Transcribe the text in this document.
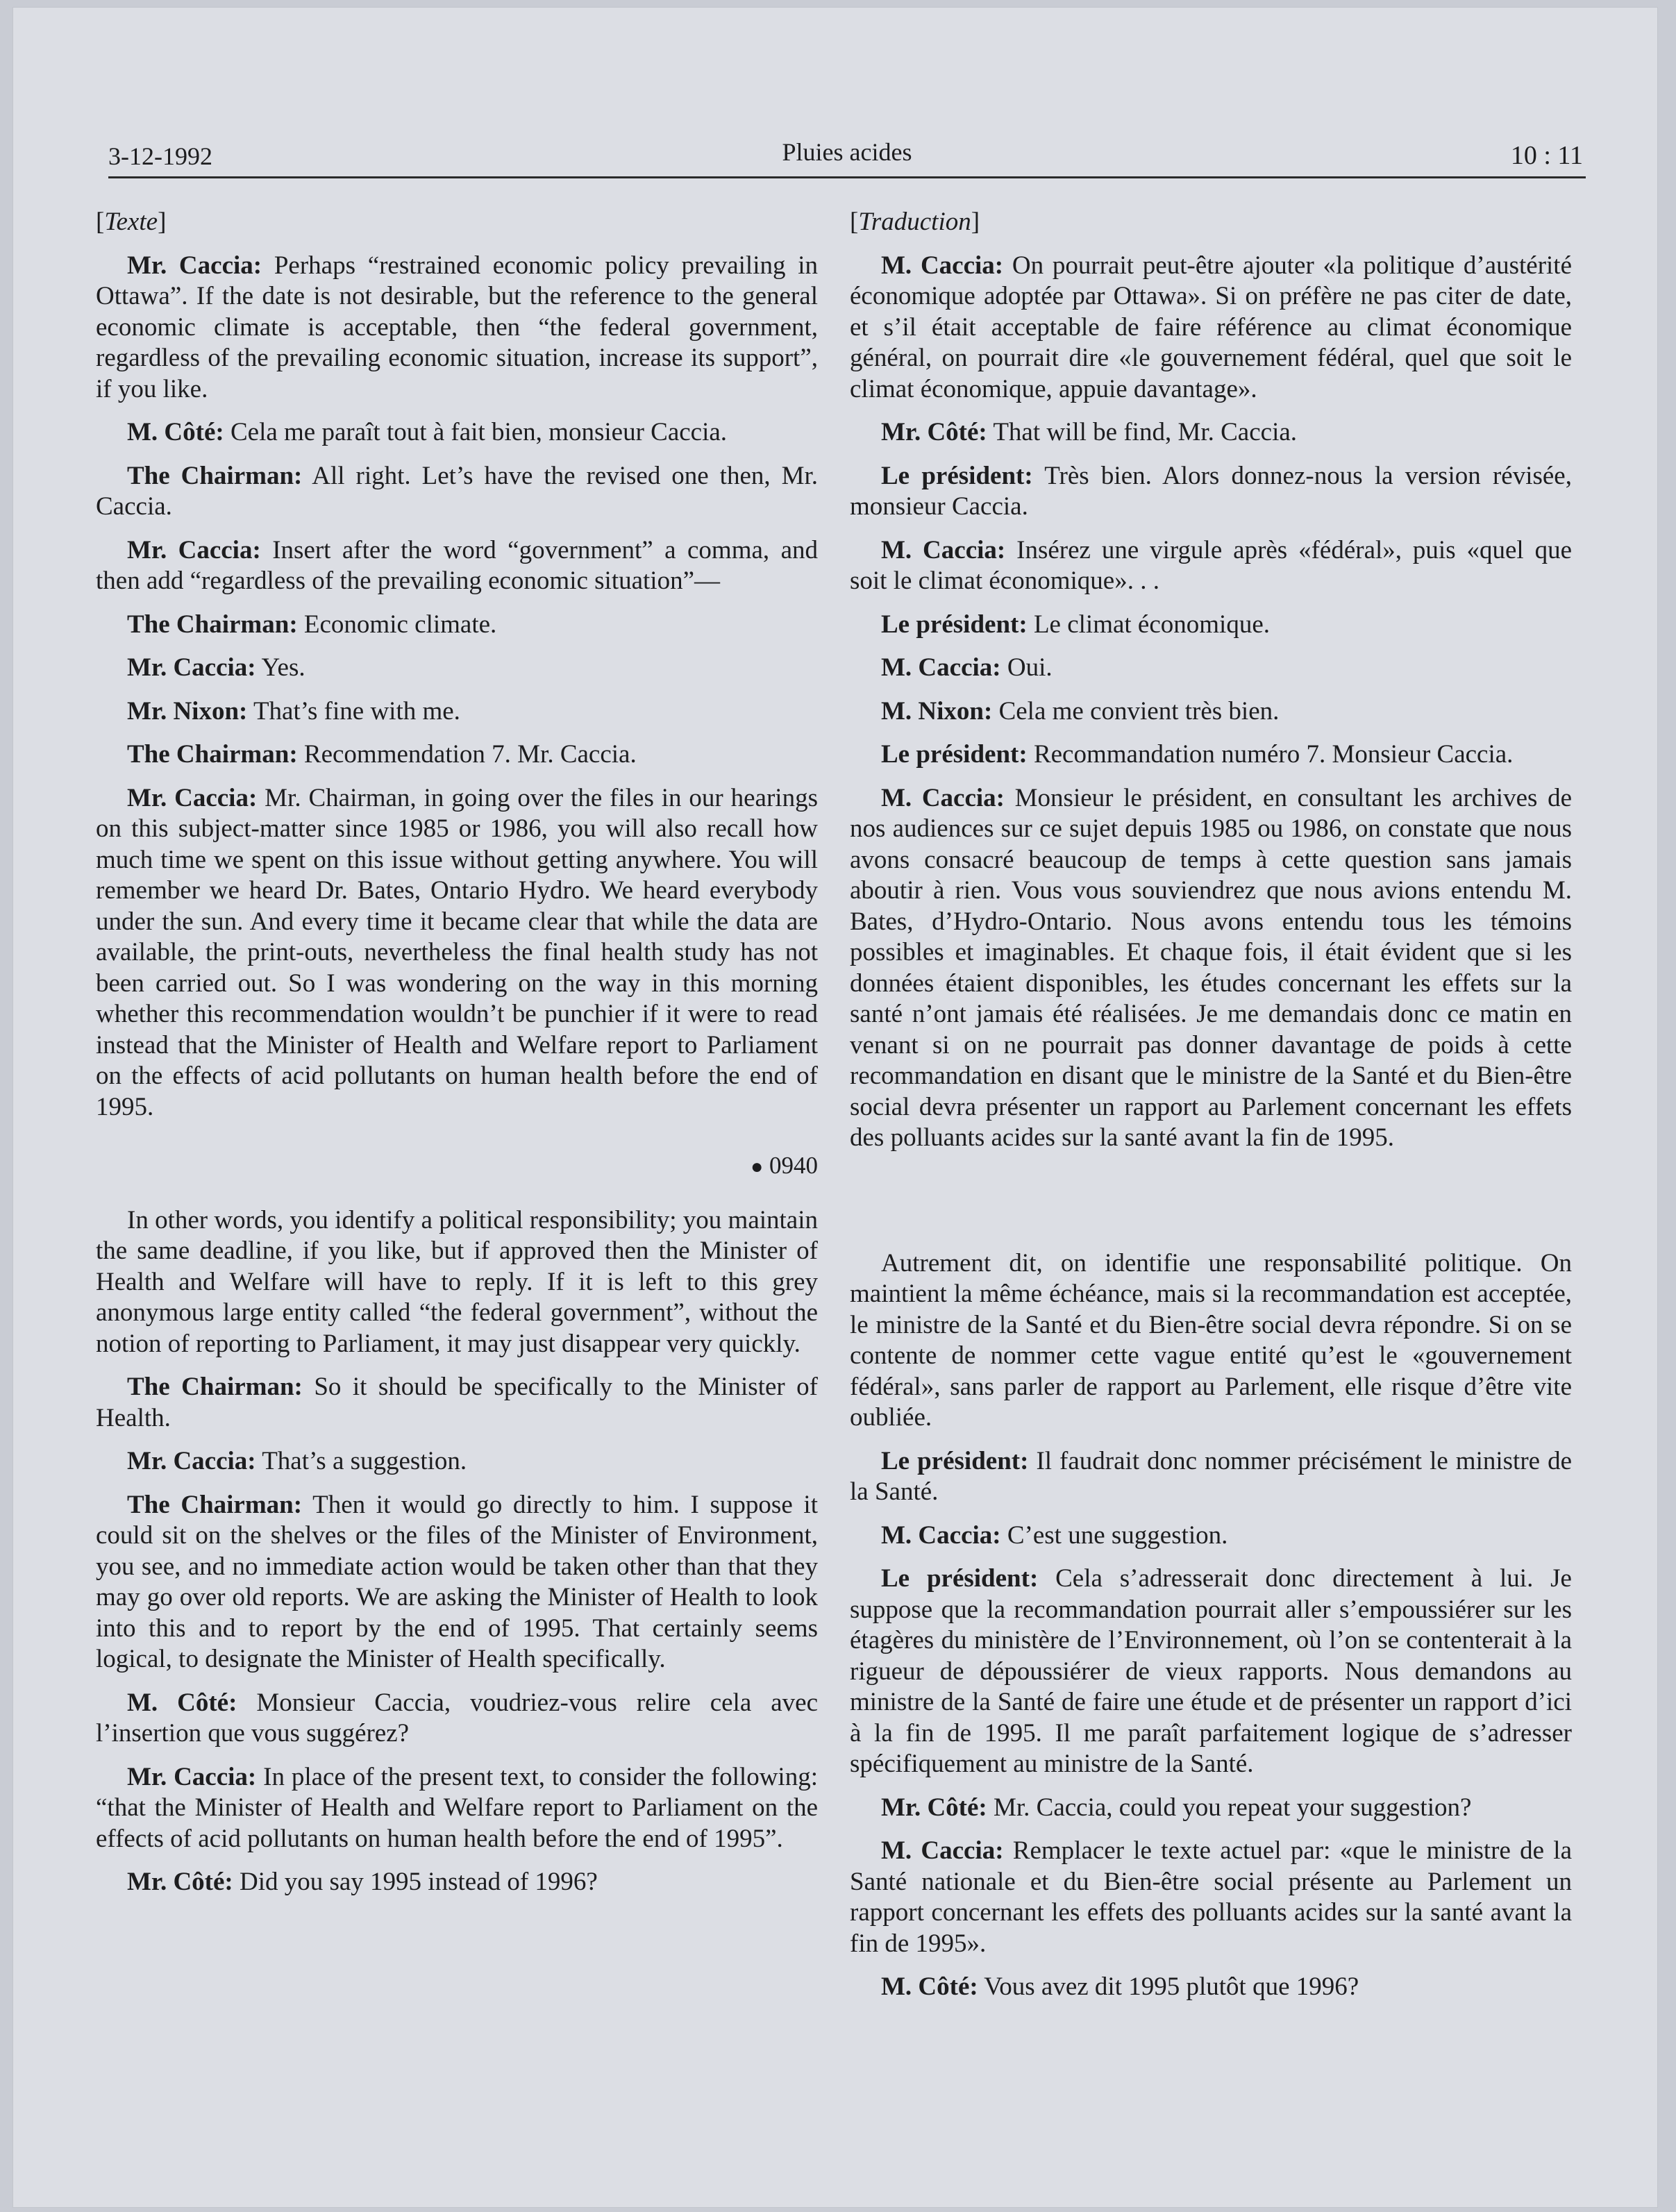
3-12-1992	Pluies acides	10 : 11

[Texte]

Mr. Caccia: Perhaps “restrained economic policy prevailing in Ottawa”. If the date is not desirable, but the reference to the general economic climate is acceptable, then “the federal government, regardless of the prevailing economic situation, increase its support”, if you like.

M. Côté: Cela me paraît tout à fait bien, monsieur Caccia.

The Chairman: All right. Let’s have the revised one then, Mr. Caccia.

Mr. Caccia: Insert after the word “government” a comma, and then add “regardless of the prevailing economic situation”—

The Chairman: Economic climate.

Mr. Caccia: Yes.

Mr. Nixon: That’s fine with me.

The Chairman: Recommendation 7. Mr. Caccia.

Mr. Caccia: Mr. Chairman, in going over the files in our hearings on this subject-matter since 1985 or 1986, you will also recall how much time we spent on this issue without getting anywhere. You will remember we heard Dr. Bates, Ontario Hydro. We heard everybody under the sun. And every time it became clear that while the data are available, the print-outs, nevertheless the final health study has not been carried out. So I was wondering on the way in this morning whether this recommendation wouldn’t be punchier if it were to read instead that the Minister of Health and Welfare report to Parliament on the effects of acid pollutants on human health before the end of 1995.

● 0940

In other words, you identify a political responsibility; you maintain the same deadline, if you like, but if approved then the Minister of Health and Welfare will have to reply. If it is left to this grey anonymous large entity called “the federal government”, without the notion of reporting to Parliament, it may just disappear very quickly.

The Chairman: So it should be specifically to the Minister of Health.

Mr. Caccia: That’s a suggestion.

The Chairman: Then it would go directly to him. I suppose it could sit on the shelves or the files of the Minister of Environment, you see, and no immediate action would be taken other than that they may go over old reports. We are asking the Minister of Health to look into this and to report by the end of 1995. That certainly seems logical, to designate the Minister of Health specifically.

M. Côté: Monsieur Caccia, voudriez-vous relire cela avec l’insertion que vous suggérez?

Mr. Caccia: In place of the present text, to consider the following: “that the Minister of Health and Welfare report to Parliament on the effects of acid pollutants on human health before the end of 1995”.

Mr. Côté: Did you say 1995 instead of 1996?

[Traduction]

M. Caccia: On pourrait peut-être ajouter «la politique d’austérité économique adoptée par Ottawa». Si on préfère ne pas citer de date, et s’il était acceptable de faire référence au climat économique général, on pourrait dire «le gouvernement fédéral, quel que soit le climat économique, appuie davantage».

Mr. Côté: That will be find, Mr. Caccia.

Le président: Très bien. Alors donnez-nous la version révisée, monsieur Caccia.

M. Caccia: Insérez une virgule après «fédéral», puis «quel que soit le climat économique». . .

Le président: Le climat économique.

M. Caccia: Oui.

M. Nixon: Cela me convient très bien.

Le président: Recommandation numéro 7. Monsieur Caccia.

M. Caccia: Monsieur le président, en consultant les archives de nos audiences sur ce sujet depuis 1985 ou 1986, on constate que nous avons consacré beaucoup de temps à cette question sans jamais aboutir à rien. Vous vous souviendrez que nous avions entendu M. Bates, d’Hydro-Ontario. Nous avons entendu tous les témoins possibles et imaginables. Et chaque fois, il était évident que si les données étaient disponibles, les études concernant les effets sur la santé n’ont jamais été réalisées. Je me demandais donc ce matin en venant si on ne pourrait pas donner davantage de poids à cette recommandation en disant que le ministre de la Santé et du Bien-être social devra présenter un rapport au Parlement concernant les effets des polluants acides sur la santé avant la fin de 1995.

Autrement dit, on identifie une responsabilité politique. On maintient la même échéance, mais si la recommandation est acceptée, le ministre de la Santé et du Bien-être social devra répondre. Si on se contente de nommer cette vague entité qu’est le «gouvernement fédéral», sans parler de rapport au Parlement, elle risque d’être vite oubliée.

Le président: Il faudrait donc nommer précisément le ministre de la Santé.

M. Caccia: C’est une suggestion.

Le président: Cela s’adresserait donc directement à lui. Je suppose que la recommandation pourrait aller s’empoussiérer sur les étagères du ministère de l’Environnement, où l’on se contenterait à la rigueur de dépoussiérer de vieux rapports. Nous demandons au ministre de la Santé de faire une étude et de présenter un rapport d’ici à la fin de 1995. Il me paraît parfaitement logique de s’adresser spécifiquement au ministre de la Santé.

Mr. Côté: Mr. Caccia, could you repeat your suggestion?

M. Caccia: Remplacer le texte actuel par: «que le ministre de la Santé nationale et du Bien-être social présente au Parlement un rapport concernant les effets des polluants acides sur la santé avant la fin de 1995».

M. Côté: Vous avez dit 1995 plutôt que 1996?
